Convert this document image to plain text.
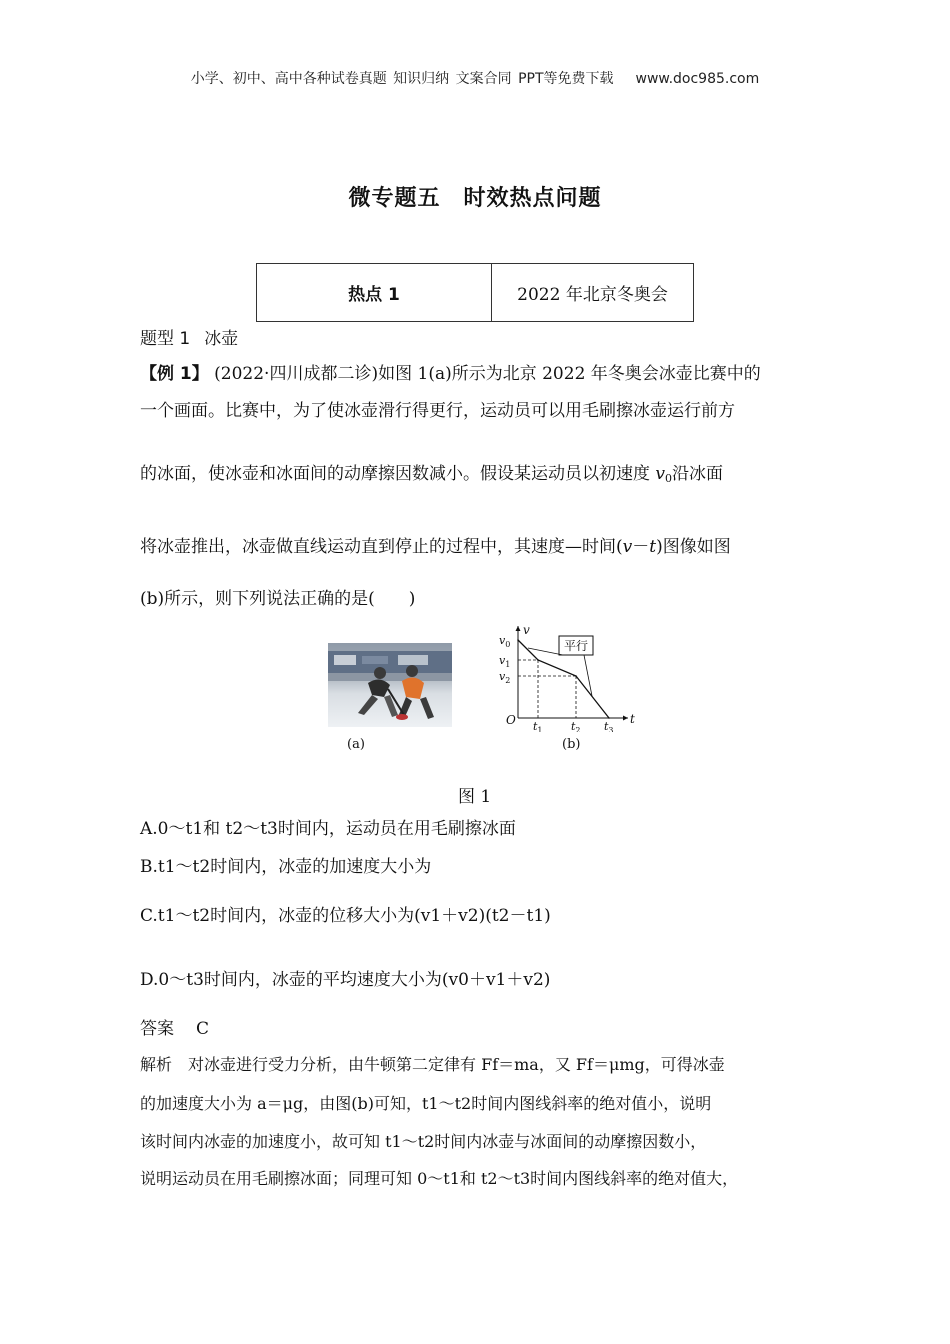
小学、初中、高中各种试卷真题 知识归纳 文案合同 PPT等免费下载 www.doc985.com
微专题五　时效热点问题
热点 1	2022 年北京冬奥会
题型 1 冰壶
【例 1】 (2022·四川成都二诊)如图 1(a)所示为北京 2022 年冬奥会冰壶比赛中的
一个画面。比赛中，为了使冰壶滑行得更行，运动员可以用毛刷擦冰壶运行前方
的冰面，使冰壶和冰面间的动摩擦因数减小。假设某运动员以初速度 $v_0$沿冰面
将冰壶推出，冰壶做直线运动直到停止的过程中，其速度—时间(v－t)图像如图
(b)所示，则下列说法正确的是(　　)
(a)
v
t
O
$v_0$
$v_1$
$v_2$
$t_1$	$t_2$ $t_3$
平行
(b)
图 1
A.0～t1和 t2～t3时间内，运动员在用毛刷擦冰面
B.t1～t2时间内，冰壶的加速度大小为
C.t1～t2时间内，冰壶的位移大小为(v1＋v2)(t2－t1)
D.0～t3时间内，冰壶的平均速度大小为(v0＋v1＋v2)
答案 C
解析 对冰壶进行受力分析，由牛顿第二定律有 Ff＝ma，又 Ff＝μmg，可得冰壶
的加速度大小为 a＝μg，由图(b)可知，t1～t2时间内图线斜率的绝对值小，说明
该时间内冰壶的加速度小，故可知 t1～t2时间内冰壶与冰面间的动摩擦因数小，
说明运动员在用毛刷擦冰面；同理可知 0～t1和 t2～t3时间内图线斜率的绝对值大，
